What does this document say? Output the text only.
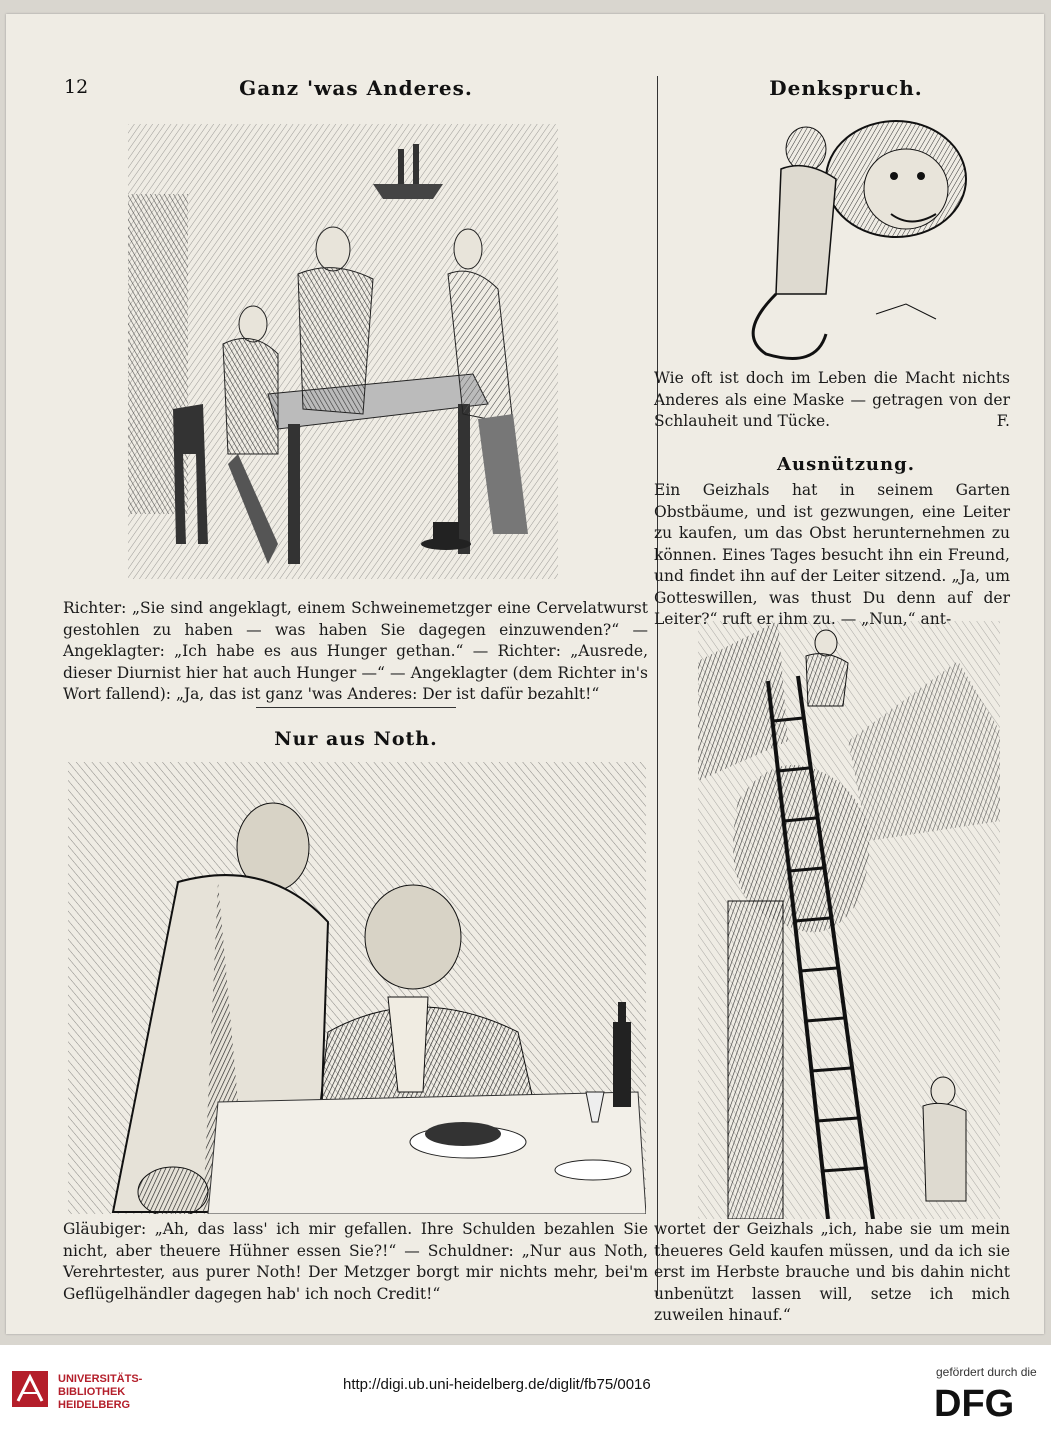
12	Ganz 'was Anderes.
Richter: „Sie sind angeklagt, einem Schweinemetzger eine Cervelatwurst gestohlen zu haben — was haben Sie dagegen einzuwenden?“ — Angeklagter: „Ich habe es aus Hunger gethan.“ — Richter: „Ausrede, dieser Diurnist hier hat auch Hunger —“ — Angeklagter (dem Richter in's Wort fallend): „Ja, das ist ganz 'was Anderes: Der ist dafür bezahlt!“
Nur aus Noth.
Gläubiger: „Ah, das lass' ich mir gefallen. Ihre Schulden bezahlen Sie nicht, aber theuere Hühner essen Sie?!“ — Schuldner: „Nur aus Noth, Verehrtester, aus purer Noth! Der Metzger borgt mir nichts mehr, bei'm Geflügelhändler dagegen hab' ich noch Credit!“
Denkspruch.
Wie oft ist doch im Leben die Macht nichts Anderes als eine Maske — getragen von der Schlauheit und Tücke.	F.
Ausnützung.
Ein Geizhals hat in seinem Garten Obstbäume, und ist gezwungen, eine Leiter zu kaufen, um das Obst herunternehmen zu können. Eines Tages besucht ihn ein Freund, und findet ihn auf der Leiter sitzend. „Ja, um Gotteswillen, was thust Du denn auf der Leiter?“ ruft er ihm zu. — „Nun,“ ant-
wortet der Geizhals „ich, habe sie um mein theueres Geld kaufen müssen, und da ich sie erst im Herbste brauche und bis dahin nicht unbenützt lassen will, setze ich mich zuweilen hinauf.“
UNIVERSITÄTS-
BIBLIOTHEK
HEIDELBERG
http://digi.ub.uni-heidelberg.de/diglit/fb75/0016
gefördert durch die
DFG
